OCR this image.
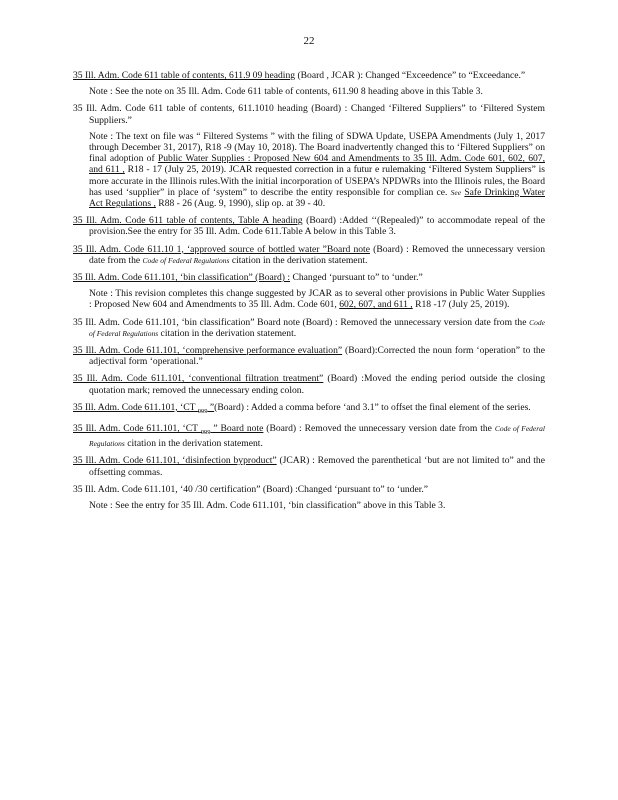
22

35 Ill. Adm. Code 611 table of contents, 611.9 09 heading (Board , JCAR ): Changed “Exceedence” to “Exceedance.”

Note : See the note on 35 Ill. Adm. Code 611 table of contents, 611.90 8 heading above in this Table 3.

35 Ill. Adm. Code 611 table of contents, 611.1010 heading (Board) : Changed ‘Filtered Suppliers” to ‘Filtered System Suppliers.”

Note : The text on file was “ Filtered Systems ” with the filing of SDWA Update, USEPA Amendments (July 1, 2017 through December 31, 2017), R18 -9 (May 10, 2018). The Board inadvertently changed this to ‘Filtered Suppliers” on final adoption of Public Water Supplies : Proposed New 604 and Amendments to 35 Ill. Adm. Code 601, 602, 607, and 611 , R18 - 17 (July 25, 2019). JCAR requested correction in a futur e rulemaking ‘Filtered System Suppliers” is more accurate in the Illinois rules.With the initial incorporation of USEPA’s NPDWRs into the Illinois rules, the Board has used ‘supplier” in place of ‘system” to describe the entity responsible for complian ce. See Safe Drinking Water Act Regulations , R88 - 26 (Aug. 9, 1990), slip op. at 39 - 40.

35 Ill. Adm. Code 611 table of contents, Table A heading (Board) :Added ‘‘(Repealed)” to accommodate repeal of the provision.See the entry for 35 Ill. Adm. Code 611.Table A below in this Table 3.

35 Ill. Adm. Code 611.10 1, ‘approved source of bottled water ”Board note (Board) : Removed the unnecessary version date from the Code of Federal Regulations citation in the derivation statement.

35 Ill. Adm. Code 611.101, ‘bin classification” (Board) : Changed ‘pursuant to” to ‘under.”

Note : This revision completes this change suggested by JCAR as to several other provisions in Public Water Supplies : Proposed New 604 and Amendments to 35 Ill. Adm. Code 601, 602, 607, and 611 , R18 -17 (July 25, 2019).

35 Ill. Adm. Code 611.101, ‘bin classification” Board note (Board) : Removed the unnecessary version date from the Code of Federal Regulations citation in the derivation statement.

35 Ill. Adm. Code 611.101, ‘comprehensive performance evaluation” (Board):Corrected the noun form ‘operation” to the adjectival form ‘operational.”

35 Ill. Adm. Code 611.101, ‘conventional filtration treatment” (Board) :Moved the ending period outside the closing quotation mark; removed the unnecessary ending colon.

35 Ill. Adm. Code 611.101, ‘CT $_{999}$ ”(Board) : Added a comma before ‘and 3.1” to offset the final element of the series.

35 Ill. Adm. Code 611.101, ‘CT $_{999}$ ” Board note (Board) : Removed the unnecessary version date from the Code of Federal Regulations citation in the derivation statement.

35 Ill. Adm. Code 611.101, ‘disinfection byproduct” (JCAR) : Removed the parenthetical ‘but are not limited to” and the offsetting commas.

35 Ill. Adm. Code 611.101, ‘40 /30 certification” (Board) :Changed ‘pursuant to” to ‘under.”

Note : See the entry for 35 Ill. Adm. Code 611.101, ‘bin classification” above in this Table 3.
